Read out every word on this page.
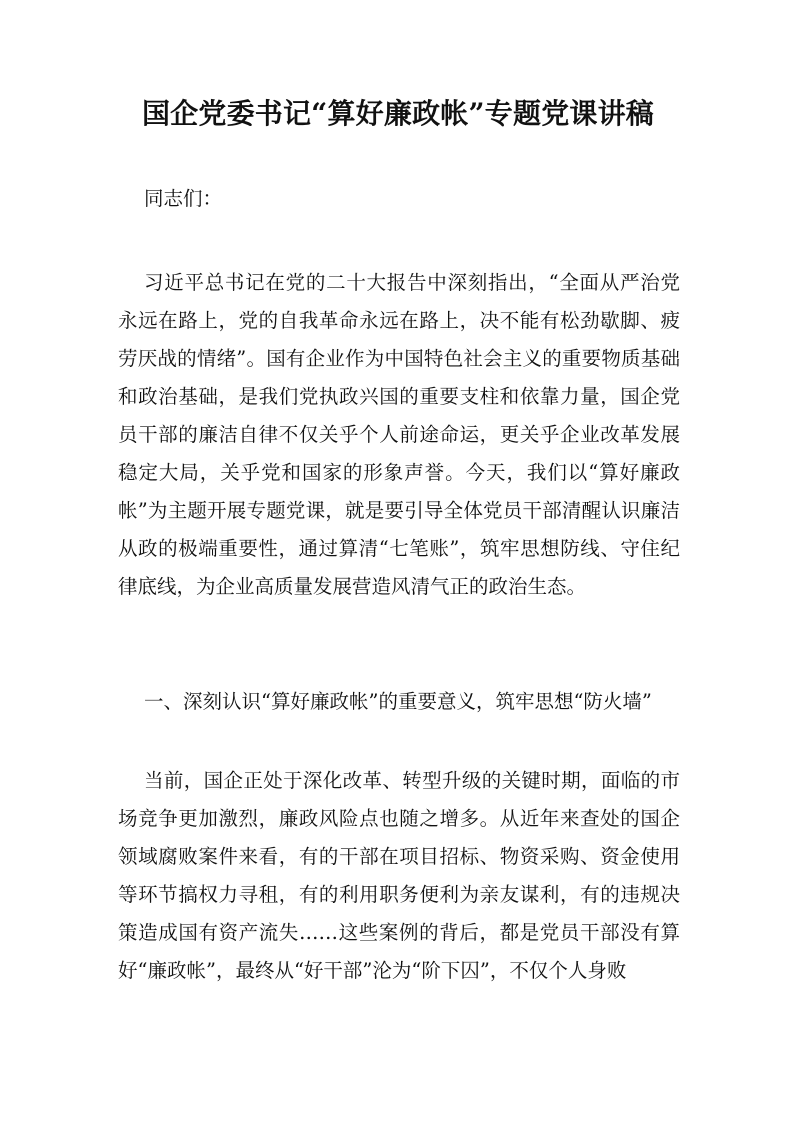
国企党委书记“算好廉政帐”专题党课讲稿

同志们：

习近平总书记在党的二十大报告中深刻指出，“全面从严治党永远在路上，党的自我革命永远在路上，决不能有松劲歇脚、疲劳厌战的情绪”。国有企业作为中国特色社会主义的重要物质基础和政治基础，是我们党执政兴国的重要支柱和依靠力量，国企党员干部的廉洁自律不仅关乎个人前途命运，更关乎企业改革发展稳定大局，关乎党和国家的形象声誉。今天，我们以“算好廉政帐”为主题开展专题党课，就是要引导全体党员干部清醒认识廉洁从政的极端重要性，通过算清“七笔账”，筑牢思想防线、守住纪律底线，为企业高质量发展营造风清气正的政治生态。

一、深刻认识“算好廉政帐”的重要意义，筑牢思想“防火墙”

当前，国企正处于深化改革、转型升级的关键时期，面临的市场竞争更加激烈，廉政风险点也随之增多。从近年来查处的国企领域腐败案件来看，有的干部在项目招标、物资采购、资金使用等环节搞权力寻租，有的利用职务便利为亲友谋利，有的违规决策造成国有资产流失……这些案例的背后，都是党员干部没有算好“廉政帐”，最终从“好干部”沦为“阶下囚”，不仅个人身败
